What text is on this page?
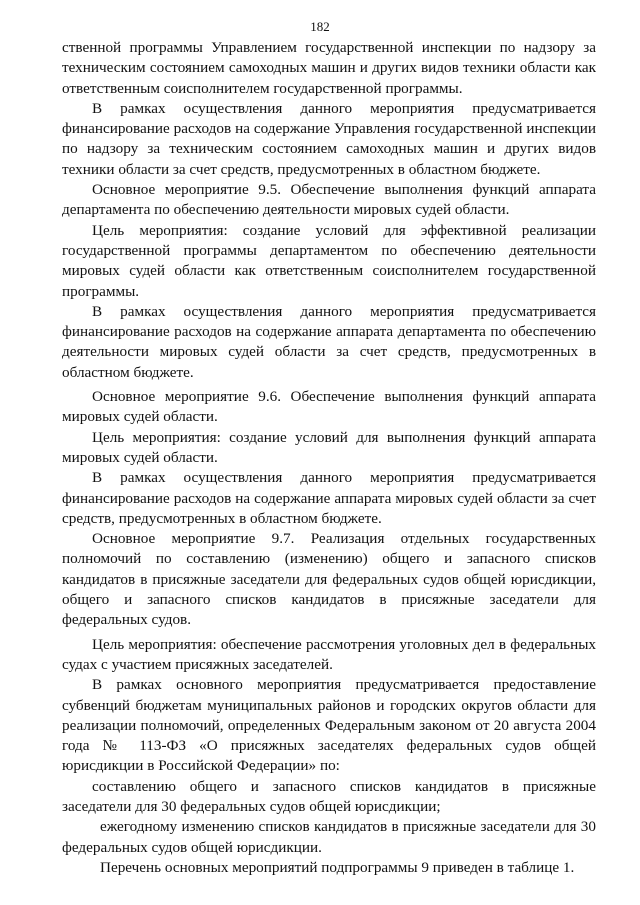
182

ственной программы Управлением государственной инспекции по надзору за техническим состоянием самоходных машин и других видов техники области как ответственным соисполнителем государственной программы.

В рамках осуществления данного мероприятия предусматривается финансирование расходов на содержание Управления государственной инспекции по надзору за техническим состоянием самоходных машин и других видов техники области за счет средств, предусмотренных в областном бюджете.

Основное мероприятие 9.5. Обеспечение выполнения функций аппарата департамента по обеспечению деятельности мировых судей области.

Цель мероприятия: создание условий для эффективной реализации государственной программы департаментом по обеспечению деятельности мировых судей области как ответственным соисполнителем государственной программы.

В рамках осуществления данного мероприятия предусматривается финансирование расходов на содержание аппарата департамента по обеспечению деятельности мировых судей области за счет средств, предусмотренных в областном бюджете.

Основное мероприятие 9.6. Обеспечение выполнения функций аппарата мировых судей области.

Цель мероприятия: создание условий для выполнения функций аппарата мировых судей области.

В рамках осуществления данного мероприятия предусматривается финансирование расходов на содержание аппарата мировых судей области за счет средств, предусмотренных в областном бюджете.

Основное мероприятие 9.7. Реализация отдельных государственных полномочий по составлению (изменению) общего и запасного списков кандидатов в присяжные заседатели для федеральных судов общей юрисдикции, общего и запасного списков кандидатов в присяжные заседатели для федеральных судов.

Цель мероприятия: обеспечение рассмотрения уголовных дел в федеральных судах с участием присяжных заседателей.

В рамках основного мероприятия предусматривается предоставление субвенций бюджетам муниципальных районов и городских округов области для реализации полномочий, определенных Федеральным законом от 20 августа 2004 года № 113-ФЗ «О присяжных заседателях федеральных судов общей юрисдикции в Российской Федерации» по:

составлению общего и запасного списков кандидатов в присяжные заседатели для 30 федеральных судов общей юрисдикции;

ежегодному изменению списков кандидатов в присяжные заседатели для 30 федеральных судов общей юрисдикции.

Перечень основных мероприятий подпрограммы 9 приведен в таблице 1.
